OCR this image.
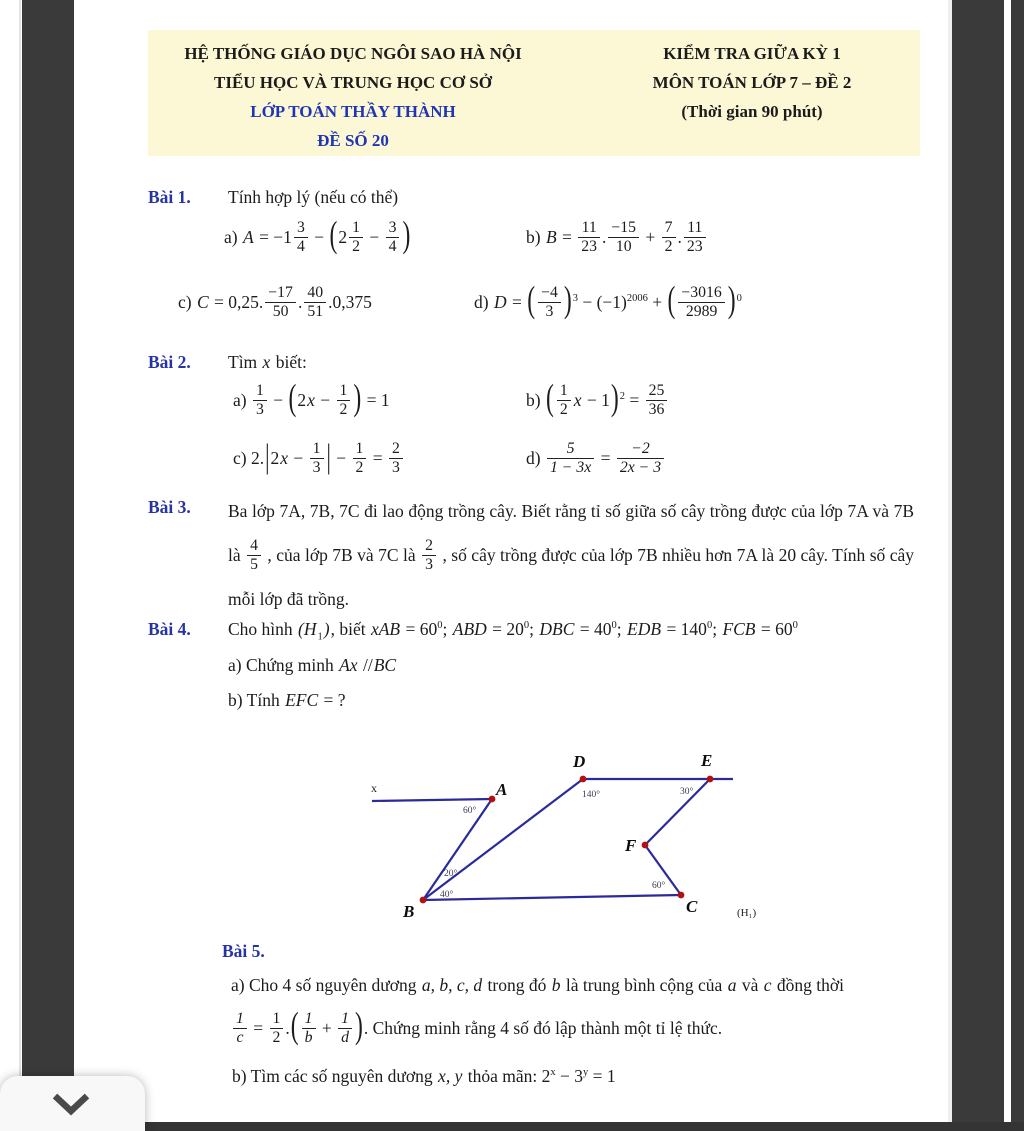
HỆ THỐNG GIÁO DỤC NGÔI SAO HÀ NỘI
TIỂU HỌC VÀ TRUNG HỌC CƠ SỞ
LỚP TOÁN THẦY THÀNH
ĐỀ SỐ 20
KIỂM TRA GIỮA KỲ 1
MÔN TOÁN LỚP 7 – ĐỀ 2
(Thời gian 90 phút)
Bài 1. Tính hợp lý (nếu có thể)
a) $A = -1 \frac{3}{4} - (2 \frac{1}{2} - \frac{3}{4}$ )	b) $B = \frac{11}{23}$ . $\frac{-15}{10} + \frac{7}{2}$ . $\frac{11}{23}$
c) C = 0,25. $\frac{-17}{50}$ . $\frac{40}{51} .0,375$	d) D = ( $\frac{-4}{3} )^3 - (-1)^{2006}$ + ( $\frac{-3016}{2989} )^0$
Bài 2. Tìm x biết:
$a) \frac{1}{3} - (2x - \frac{1}{2}$ ) = 1	b) ( $\frac{1}{2}$ $x - 1)^2 = \frac{25}{36}$
c) $2.|2x - \frac{1}{3}$ | − $\frac{1}{2} = \frac{2}{3}$	$d) \frac{5}{1 - 3x} = \frac{-2}{2x - 3}$
Bài 3. Ba lớp 7A, 7B, 7C đi lao động trồng cây. Biết rằng tỉ số giữa số cây trồng được của lớp 7A và 7B là $\frac{4}{5}$ , của lớp 7B và 7C là $\frac{2}{3}$ , số cây trồng được của lớp 7B nhiều hơn 7A là 20 cây. Tính số cây mỗi lớp đã trồng.
Bài 4. Cho hình $(H_1)$, biết xAB = $60^0$; ABD = $20^0$; DBC = $40^0$; EDB = $140^0$; FCB = $60^0$
a) Chứng minh Ax //BC
b) Tính EFC = ?
A
B	C
D	E
F
x
60°
140°	30°
20°
40°
60°
(H₁)
Bài 5.
a) Cho 4 số nguyên dương a, b, c, d trong đó b là trung bình cộng của a và c đồng thời
$\frac{1}{c} = \frac{1}{2}$ .( $\frac{1}{b} + \frac{1}{d}$ ). Chứng minh rằng 4 số đó lập thành một tỉ lệ thức.
b) Tìm các số nguyên dương x, y thỏa mãn: $2^x - 3^y = 1$
